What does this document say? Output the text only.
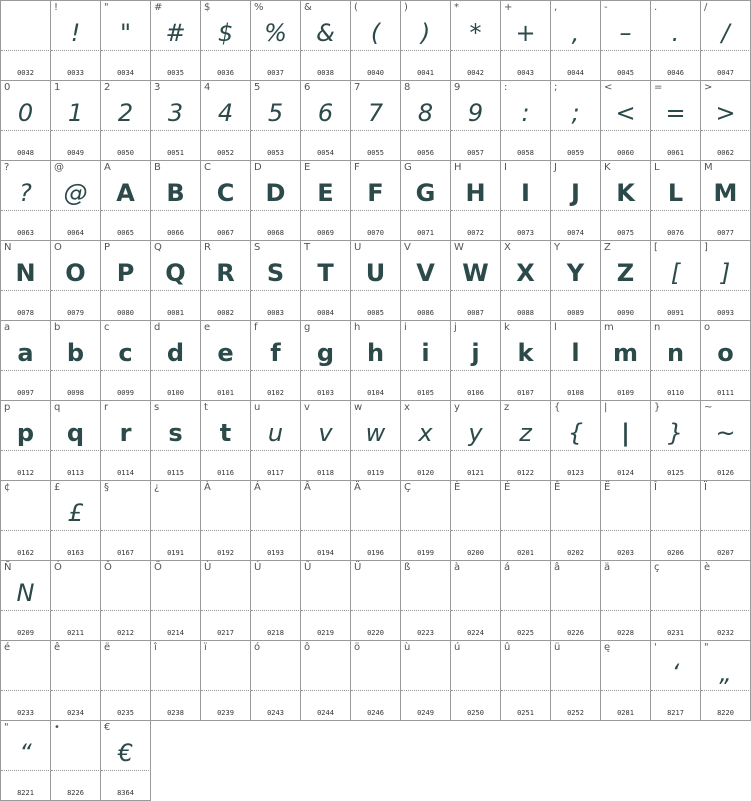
0032
!
!
0033
"
"
0034
#
#
0035
$
$
0036
%
%
0037
&
&
0038
(
(
0040
)
)
0041
*
*
0042
+
+
0043
,
,
0044
-
–
0045
.
.
0046
/
/
0047
0
0
0048
1
1
0049
2
2
0050
3
3
0051
4
4
0052
5
5
0053
6
6
0054
7
7
0055
8
8
0056
9
9
0057
:
:
0058
;
;
0059
<
<
0060
=
=
0061
>
>
0062
?
?
0063
@
@
0064
A
A
0065
B
B
0066
C
C
0067
D
D
0068
E
E
0069
F
F
0070
G
G
0071
H
H
0072
I
I
0073
J
J
0074
K
K
0075
L
L
0076
M
M
0077
N
N
0078
O
O
0079
P
P
0080
Q
Q
0081
R
R
0082
S
S
0083
T
T
0084
U
U
0085
V
V
0086
W
W
0087
X
X
0088
Y
Y
0089
Z
Z
0090
[
[
0091
]
]
0093
a
a
0097
b
b
0098
c
c
0099
d
d
0100
e
e
0101
f
f
0102
g
g
0103
h
h
0104
i
i
0105
j
j
0106
k
k
0107
l
l
0108
m
m
0109
n
n
0110
o
o
0111
p
p
0112
q
q
0113
r
r
0114
s
s
0115
t
t
0116
u
u
0117
v
v
0118
w
w
0119
x
x
0120
y
y
0121
z
z
0122
{
{
0123
|
|
0124
}
}
0125
~
~
0126
¢
0162
£
£
0163
§
0167
¿
0191
À
0192
Á
0193
Â
0194
Ä
0196
Ç
0199
È
0200
É
0201
Ê
0202
Ë
0203
Î
0206
Ï
0207
Ñ
N
0209
Ó
0211
Ô
0212
Ö
0214
Ù
0217
Ú
0218
Û
0219
Ü
0220
ß
0223
à
0224
á
0225
â
0226
ä
0228
ç
0231
è
0232
é
0233
ê
0234
ë
0235
î
0238
ï
0239
ó
0243
ô
0244
ö
0246
ù
0249
ú
0250
û
0251
ü
0252
ę
0281
'
‘
8217
"
„
8220
"
“
8221
•
8226
€
€
8364
